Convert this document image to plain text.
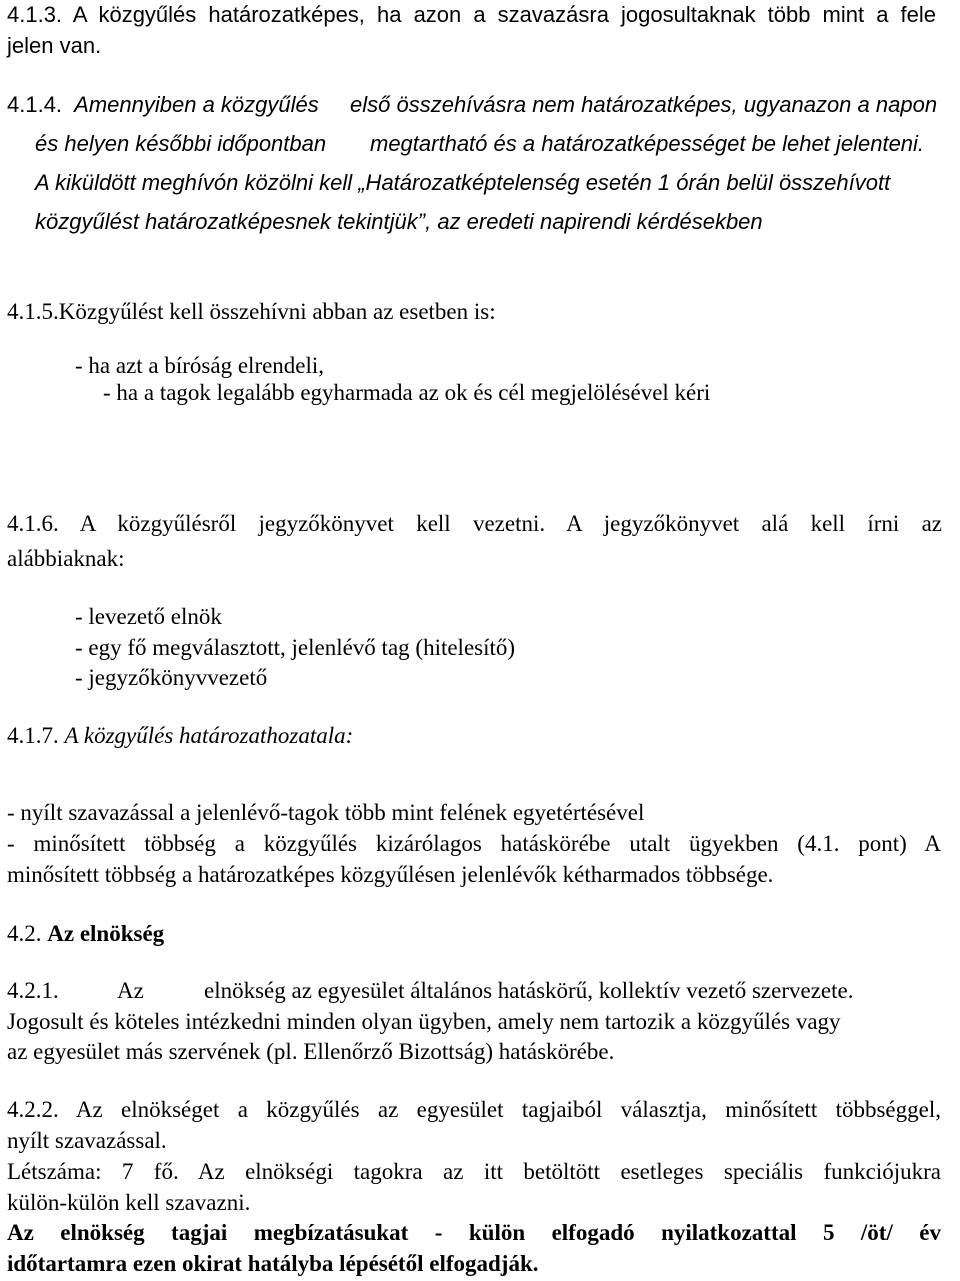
4.1.3. A közgyűlés határozatképes, ha azon a szavazásra jogosultaknak több mint a fele
jelen van.
4.1.4. Amennyiben a közgyűlés első összehívásra nem határozatképes, ugyanazon a napon
és helyen későbbi időpontban megtartható és a határozatképességet be lehet jelenteni.
A kiküldött meghívón közölni kell „Határozatképtelenség esetén 1 órán belül összehívott
közgyűlést határozatképesnek tekintjük”, az eredeti napirendi kérdésekben
4.1.5.Közgyűlést kell összehívni abban az esetben is:
- ha azt a bíróság elrendeli,
- ha a tagok legalább egyharmada az ok és cél megjelölésével kéri
4.1.6. A közgyűlésről jegyzőkönyvet kell vezetni. A jegyzőkönyvet alá kell írni az
alábbiaknak:
- levezető elnök
- egy fő megválasztott, jelenlévő tag (hitelesítő)
- jegyzőkönyvvezető
4.1.7. A közgyűlés határozathozatala:
- nyílt szavazással a jelenlévő-tagok több mint felének egyetértésével
- minősített többség a közgyűlés kizárólagos hatáskörébe utalt ügyekben (4.1. pont) A
minősített többség a határozatképes közgyűlésen jelenlévők kétharmados többsége.
4.2. Az elnökség
4.2.1.	Az	elnökség az egyesület általános hatáskörű, kollektív vezető szervezete.
Jogosult és köteles intézkedni minden olyan ügyben, amely nem tartozik a közgyűlés vagy
az egyesület más szervének (pl. Ellenőrző Bizottság) hatáskörébe.
4.2.2. Az elnökséget a közgyűlés az egyesület tagjaiból választja, minősített többséggel,
nyílt szavazással.
Létszáma: 7 fő. Az elnökségi tagokra az itt betöltött esetleges speciális funkciójukra
külön-külön kell szavazni.
Az elnökség tagjai megbízatásukat - külön elfogadó nyilatkozattal 5 /öt/ év
időtartamra ezen okirat hatályba lépésétől elfogadják.
